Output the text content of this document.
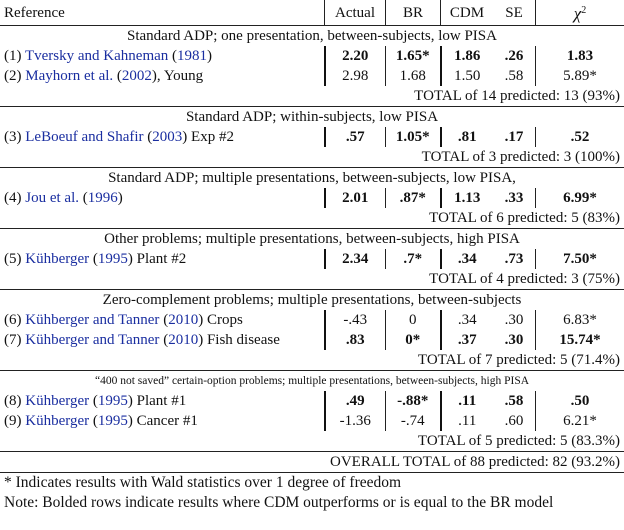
Reference	Actual	BR	CDM	SE	$\chi^2$
Standard ADP; one presentation, between-subjects, low PISA					
(1) Tversky and Kahneman (1981)	2.20	1.65*	1.86	.26	1.83
(2) Mayhorn et al. (2002), Young	2.98	1.68	1.50	.58	5.89*
TOTAL of 14 predicted: 13 (93%)					
Standard ADP; within-subjects, low PISA					
(3) LeBoeuf and Shafir (2003) Exp #2	.57	1.05*	.81	.17	.52
TOTAL of 3 predicted: 3 (100%)					
Standard ADP; multiple presentations, between-subjects, low PISA,					
(4) Jou et al. (1996)	2.01	.87*	1.13	.33	6.99*
TOTAL of 6 predicted: 5 (83%)					
Other problems; multiple presentations, between-subjects, high PISA					
(5) Kühberger (1995) Plant #2	2.34	.7*	.34	.73	7.50*
TOTAL of 4 predicted: 3 (75%)					
Zero-complement problems; multiple presentations, between-subjects					
(6) Kühberger and Tanner (2010) Crops	-.43	0	.34	.30	6.83*
(7) Kühberger and Tanner (2010) Fish disease	.83	0*	.37	.30	15.74*
TOTAL of 7 predicted: 5 (71.4%)					
“400 not saved” certain-option problems; multiple presentations, between-subjects, high PISA					
(8) Kühberger (1995) Plant #1	.49	-.88*	.11	.58	.50
(9) Kühberger (1995) Cancer #1	-1.36	-.74	.11	.60	6.21*
TOTAL of 5 predicted: 5 (83.3%)					
OVERALL TOTAL of 88 predicted: 82 (93.2%)					
* Indicates results with Wald statistics over 1 degree of freedom					
Note: Bolded rows indicate results where CDM outperforms or is equal to the BR model					
